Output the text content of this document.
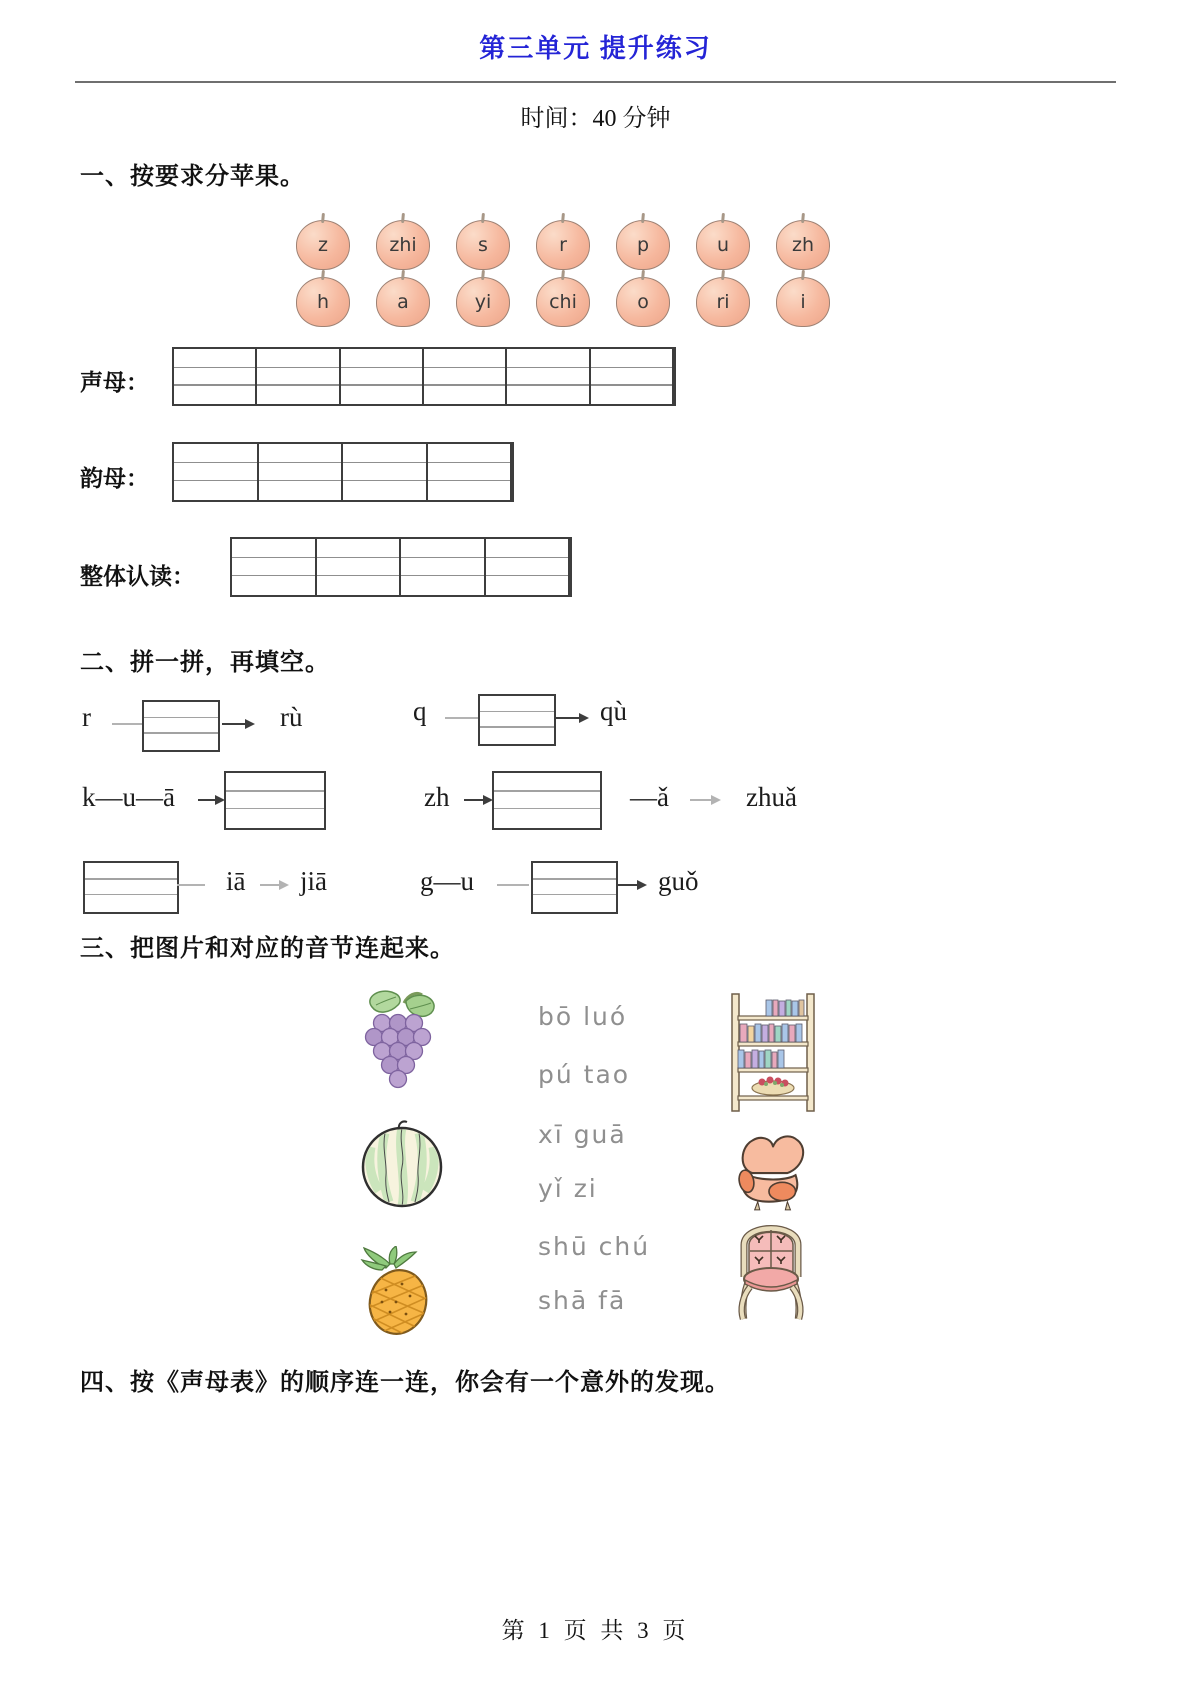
第三单元 提升练习
时间：40 分钟
一、按要求分苹果。
z	zhi	s	r	p	u	zh
h	a	yi	chi	o	ri	i
声母：
韵母：
整体认读：
二、拼一拼，再填空。
r	rù	q	qù
k—u—ā	zh	—ǎ	zhuǎ
iā jiā	g—u	guǒ
三、把图片和对应的音节连起来。
bō luó
pú tao
xī guā
yǐ zi
shū chú
shā fā
四、按《声母表》的顺序连一连，你会有一个意外的发现。
第 1 页 共 3 页
